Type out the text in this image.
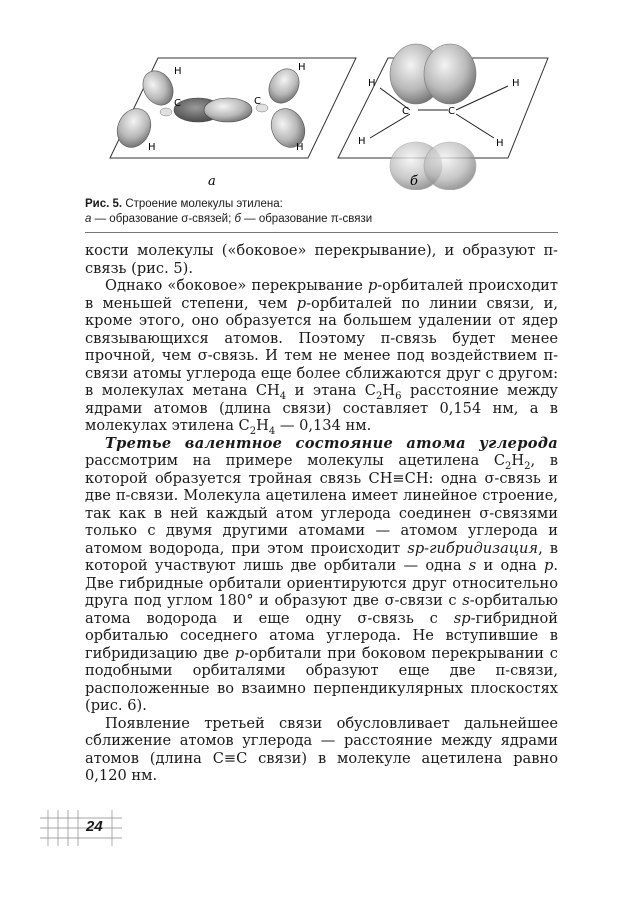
H
H
H
H
C	C
а
C	C
H
H
H
H
б
Рис. 5. Строение молекулы этилена:
а — образование σ-связей; б — образование π-связи

кости молекулы («боковое» перекрывание), и образуют π-связь (рис. 5).

Однако «боковое» перекрывание р-орбиталей происходит в меньшей степени, чем р-орбиталей по линии связи, и, кроме этого, оно образуется на большем удалении от ядер связывающихся атомов. Поэтому π-связь будет менее прочной, чем σ-связь. И тем не менее под воздействием π-связи атомы углерода еще более сближаются друг с другом: в молекулах метана $CH_4$ и этана $C_2H_6$ расстояние между ядрами атомов (длина связи) составляет 0,154 нм, а в молекулах этилена $C_2H_4$ — 0,134 нм.

Третье валентное состояние атома углерода рассмотрим на примере молекулы ацетилена $C_2H_2$, в которой образуется тройная связь CH≡CH: одна σ-связь и две π-связи. Молекула ацетилена имеет линейное строение, так как в ней каждый атом углерода соединен σ-связями только с двумя другими атомами — атомом углерода и атомом водорода, при этом происходит sp-гибридизация, в которой участвуют лишь две орбитали — одна s и одна р. Две гибридные орбитали ориентируются друг относительно друга под углом 180° и образуют две σ-связи с s-орбиталью атома водорода и еще одну σ-связь с sp-гибридной орбиталью соседнего атома углерода. Не вступившие в гибридизацию две р-орбитали при боковом перекрывании с подобными орбиталями образуют еще две π-связи, расположенные во взаимно перпендикулярных плоскостях (рис. 6).

Появление третьей связи обусловливает дальнейшее сближение атомов углерода — расстояние между ядрами атомов (длина C≡C связи) в молекуле ацетилена равно 0,120 нм.

24
